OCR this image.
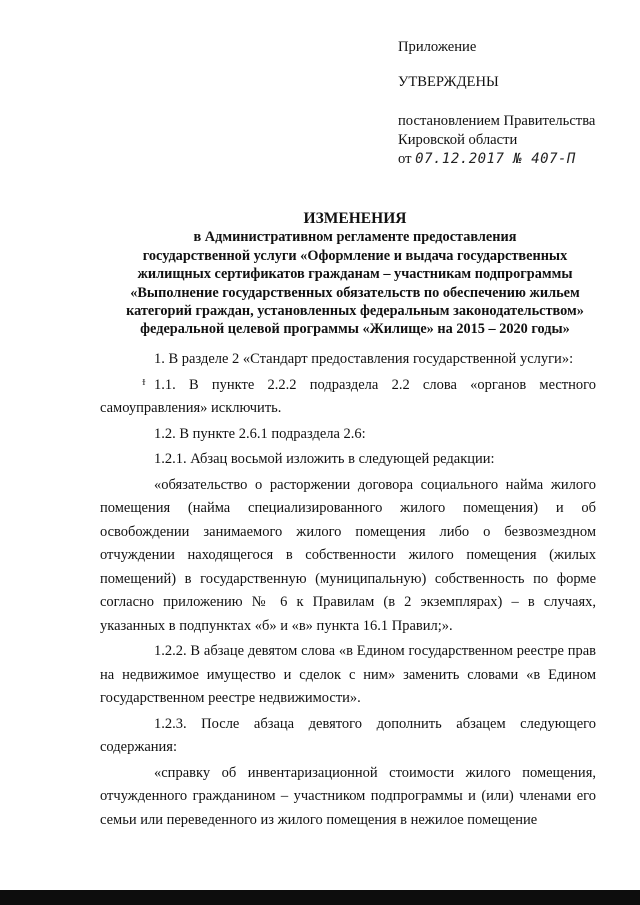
Приложение
УТВЕРЖДЕНЫ
постановлением Правительства
Кировской области
от 07.12.2017 № 407-П
ИЗМЕНЕНИЯ
в Административном регламенте предоставления
государственной услуги «Оформление и выдача государственных
жилищных сертификатов гражданам – участникам подпрограммы
«Выполнение государственных обязательств по обеспечению жильем
категорий граждан, установленных федеральным законодательством»
федеральной целевой программы «Жилище» на 2015 – 2020 годы»
ᵻ

1. В разделе 2 «Стандарт предоставления государственной услуги»:

1.1. В пункте 2.2.2 подраздела 2.2 слова «органов местного самоуправления» исключить.

1.2. В пункте 2.6.1 подраздела 2.6:

1.2.1. Абзац восьмой изложить в следующей редакции:

«обязательство о расторжении договора социального найма жилого помещения (найма специализированного жилого помещения) и об освобождении занимаемого жилого помещения либо о безвозмездном отчуждении находящегося в собственности жилого помещения (жилых помещений) в государственную (муниципальную) собственность по форме согласно приложению № 6 к Правилам (в 2 экземплярах) – в случаях, указанных в подпунктах «б» и «в» пункта 16.1 Правил;».

1.2.2. В абзаце девятом слова «в Едином государственном реестре прав на недвижимое имущество и сделок с ним» заменить словами «в Едином государственном реестре недвижимости».

1.2.3. После абзаца девятого дополнить абзацем следующего содержания:

«справку об инвентаризационной стоимости жилого помещения, отчужденного гражданином – участником подпрограммы и (или) членами его семьи или переведенного из жилого помещения в нежилое помещение
